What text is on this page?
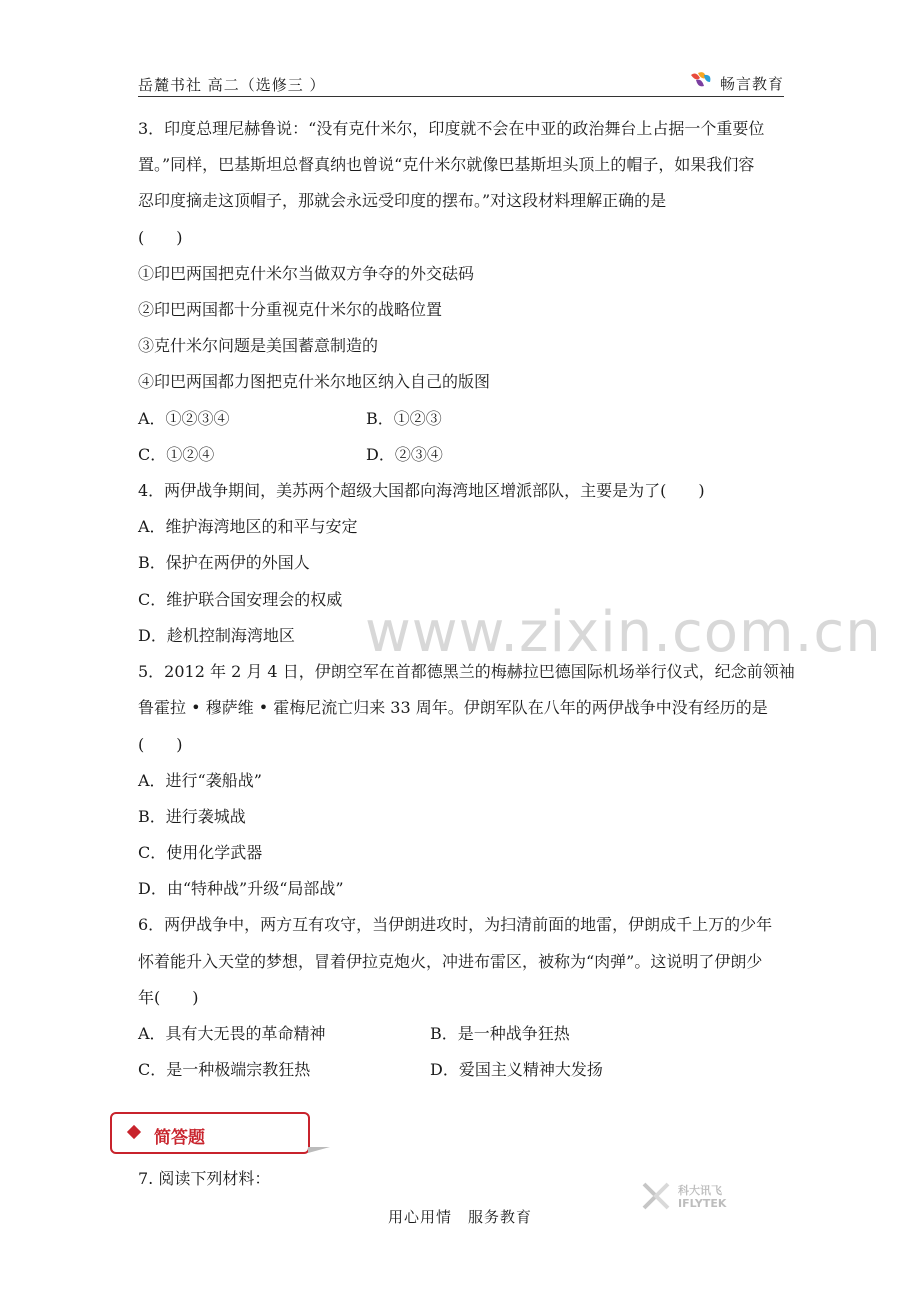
岳麓书社 高二（选修三 ）	畅言教育
www.zixin.com.cn
3．印度总理尼赫鲁说：“没有克什米尔，印度就不会在中亚的政治舞台上占据一个重要位
置。”同样，巴基斯坦总督真纳也曾说“克什米尔就像巴基斯坦头顶上的帽子，如果我们容
忍印度摘走这顶帽子，那就会永远受印度的摆布。”对这段材料理解正确的是
(　　)
①印巴两国把克什米尔当做双方争夺的外交砝码
②印巴两国都十分重视克什米尔的战略位置
③克什米尔问题是美国蓄意制造的
④印巴两国都力图把克什米尔地区纳入自己的版图
A．①②③④	B．①②③
C．①②④	D．②③④
4．两伊战争期间，美苏两个超级大国都向海湾地区增派部队，主要是为了(　　)
A．维护海湾地区的和平与安定
B．保护在两伊的外国人
C．维护联合国安理会的权威
D．趁机控制海湾地区
5．2012 年 2 月 4 日，伊朗空军在首都德黑兰的梅赫拉巴德国际机场举行仪式，纪念前领袖
鲁霍拉 • 穆萨维 • 霍梅尼流亡归来 33 周年。伊朗军队在八年的两伊战争中没有经历的是
(　　)
A．进行“袭船战”
B．进行袭城战
C．使用化学武器
D．由“特种战”升级“局部战”
6．两伊战争中，两方互有攻守，当伊朗进攻时，为扫清前面的地雷，伊朗成千上万的少年
怀着能升入天堂的梦想，冒着伊拉克炮火，冲进布雷区，被称为“肉弹”。这说明了伊朗少
年(　　)
A．具有大无畏的革命精神	B．是一种战争狂热
C．是一种极端宗教狂热	D．爱国主义精神大发扬
简答题
7. 阅读下列材料：
科大讯飞
IFLYTEK
用心用情　服务教育
